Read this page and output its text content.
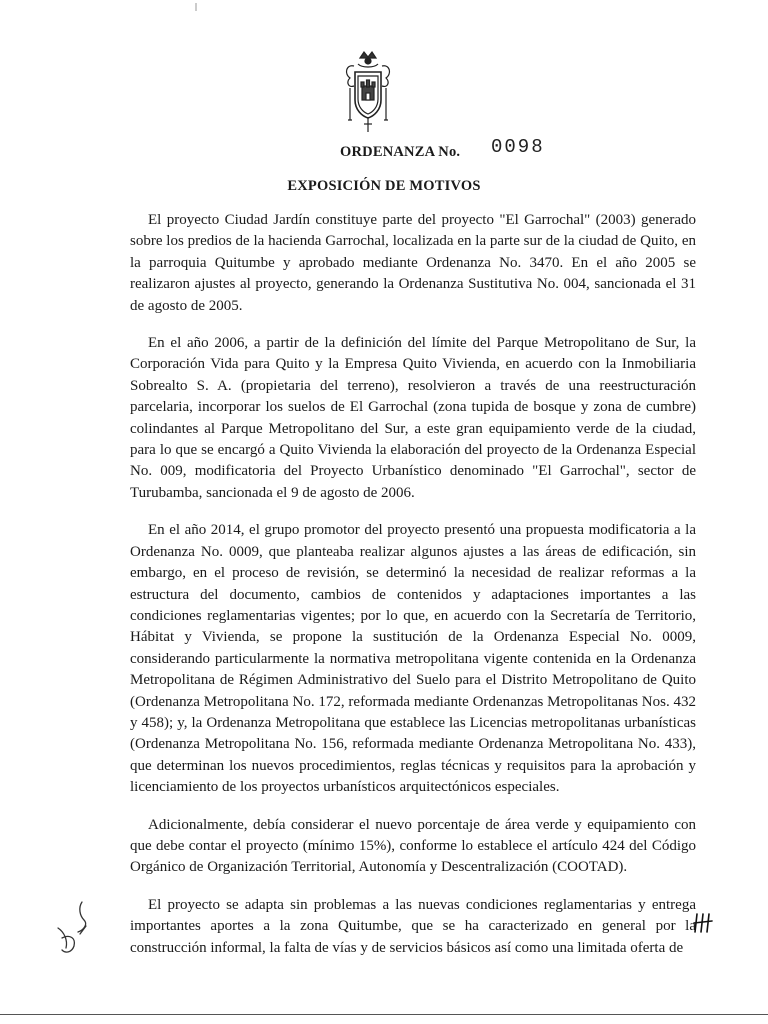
ORDENANZA No. 0098
EXPOSICIÓN DE MOTIVOS

El proyecto Ciudad Jardín constituye parte del proyecto "El Garrochal" (2003) generado sobre los predios de la hacienda Garrochal, localizada en la parte sur de la ciudad de Quito, en la parroquia Quitumbe y aprobado mediante Ordenanza No. 3470. En el año 2005 se realizaron ajustes al proyecto, generando la Ordenanza Sustitutiva No. 004, sancionada el 31 de agosto de 2005.

En el año 2006, a partir de la definición del límite del Parque Metropolitano de Sur, la Corporación Vida para Quito y la Empresa Quito Vivienda, en acuerdo con la Inmobiliaria Sobrealto S. A. (propietaria del terreno), resolvieron a través de una reestructuración parcelaria, incorporar los suelos de El Garrochal (zona tupida de bosque y zona de cumbre) colindantes al Parque Metropolitano del Sur, a este gran equipamiento verde de la ciudad, para lo que se encargó a Quito Vivienda la elaboración del proyecto de la Ordenanza Especial No. 009, modificatoria del Proyecto Urbanístico denominado "El Garrochal", sector de Turubamba, sancionada el 9 de agosto de 2006.

En el año 2014, el grupo promotor del proyecto presentó una propuesta modificatoria a la Ordenanza No. 0009, que planteaba realizar algunos ajustes a las áreas de edificación, sin embargo, en el proceso de revisión, se determinó la necesidad de realizar reformas a la estructura del documento, cambios de contenidos y adaptaciones importantes a las condiciones reglamentarias vigentes; por lo que, en acuerdo con la Secretaría de Territorio, Hábitat y Vivienda, se propone la sustitución de la Ordenanza Especial No. 0009, considerando particularmente la normativa metropolitana vigente contenida en la Ordenanza Metropolitana de Régimen Administrativo del Suelo para el Distrito Metropolitano de Quito (Ordenanza Metropolitana No. 172, reformada mediante Ordenanzas Metropolitanas Nos. 432 y 458); y, la Ordenanza Metropolitana que establece las Licencias metropolitanas urbanísticas (Ordenanza Metropolitana No. 156, reformada mediante Ordenanza Metropolitana No. 433), que determinan los nuevos procedimientos, reglas técnicas y requisitos para la aprobación y licenciamiento de los proyectos urbanísticos arquitectónicos especiales.

Adicionalmente, debía considerar el nuevo porcentaje de área verde y equipamiento con que debe contar el proyecto (mínimo 15%), conforme lo establece el artículo 424 del Código Orgánico de Organización Territorial, Autonomía y Descentralización (COOTAD).

El proyecto se adapta sin problemas a las nuevas condiciones reglamentarias y entrega importantes aportes a la zona Quitumbe, que se ha caracterizado en general por la construcción informal, la falta de vías y de servicios básicos así como una limitada oferta de
